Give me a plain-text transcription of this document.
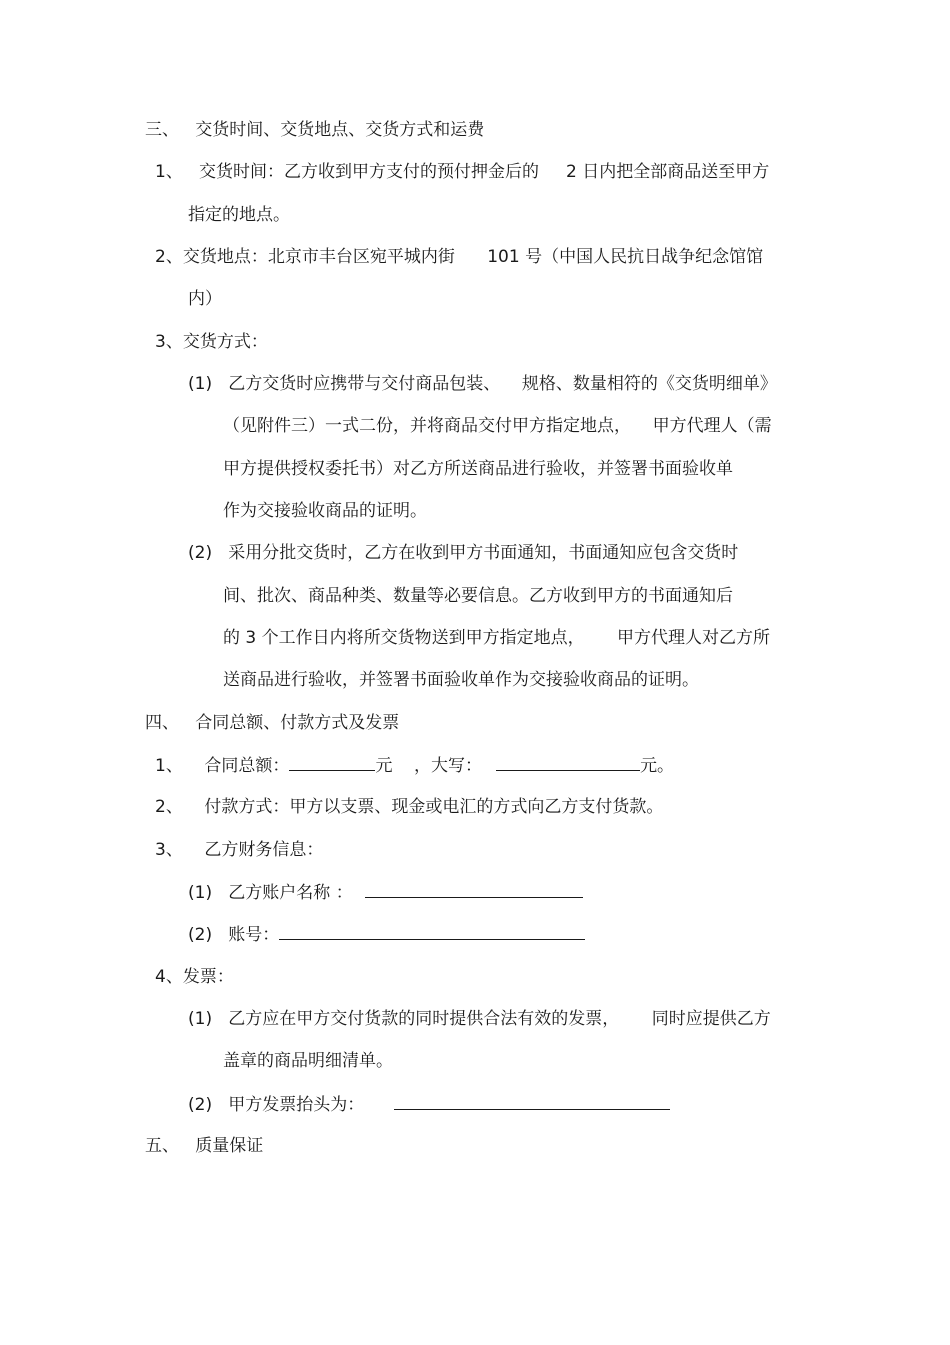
三、   交货时间、交货地点、交货方式和运费
1、   交货时间：乙方收到甲方支付的预付押金后的     2 日内把全部商品送至甲方
指定的地点。
2、交货地点：北京市丰台区宛平城内街      101 号（中国人民抗日战争纪念馆馆
内）
3、交货方式：
(1)   乙方交货时应携带与交付商品包装、    规格、数量相符的《交货明细单》
（见附件三）一式二份，并将商品交付甲方指定地点，    甲方代理人（需
甲方提供授权委托书）对乙方所送商品进行验收，并签署书面验收单
作为交接验收商品的证明。
(2)   采用分批交货时，乙方在收到甲方书面通知，书面通知应包含交货时
间、批次、商品种类、数量等必要信息。乙方收到甲方的书面通知后
的 3 个工作日内将所交货物送到甲方指定地点，      甲方代理人对乙方所
送商品进行验收，并签署书面验收单作为交接验收商品的证明。
四、   合同总额、付款方式及发票
1、    合同总额：	元    ，大写：	元。
2、    付款方式：甲方以支票、现金或电汇的方式向乙方支付货款。
3、    乙方财务信息：
(1)   乙方账户名称 ：
(2)   账号：
4、发票：
(1)   乙方应在甲方交付货款的同时提供合法有效的发票，      同时应提供乙方
盖章的商品明细清单。
(2)   甲方发票抬头为：
五、   质量保证
